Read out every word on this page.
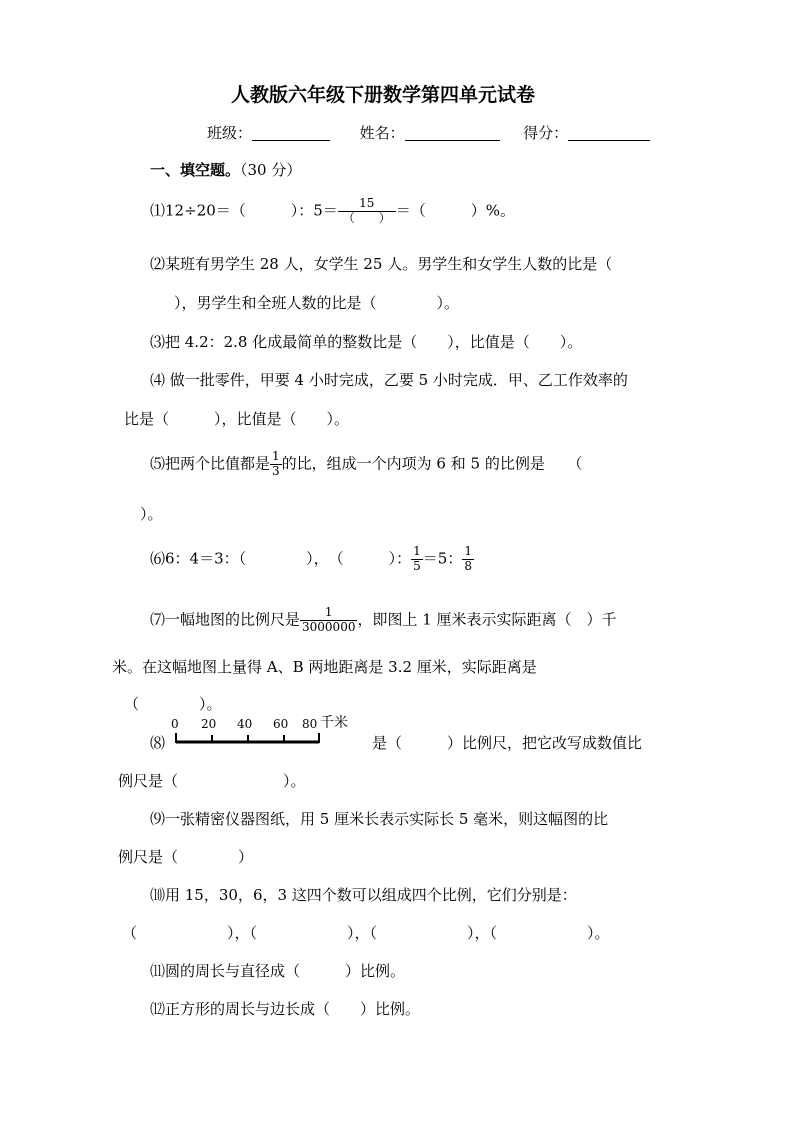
人教版六年级下册数学第四单元试卷
班级：	姓名：	得分：
一、填空题。（30 分）
⑴12÷20＝（　　　）：$5= \frac{15}{( )}$ ＝（　　　）%。
⑵某班有男学生 28 人，女学生 25 人。男学生和女学生人数的比是（
），男学生和全班人数的比是（　　　　）。
⑶把 4.2：2.8 化成最简单的整数比是（　　），比值是（　　）。
⑷ 做一批零件，甲要 4 小时完成，乙要 5 小时完成．甲、乙工作效率的
比是（　　　），比值是（　　）。
⑸把两个比值都是 $\frac{1}{3}$ 的比，组成一个内项为 6 和 5 的比例是　　（
）。
⑹6：4＝3：（　　　　），　（　　　）： $\frac{1}{5} =5$： $\frac{1}{8}$
⑺一幅地图的比例尺是 $\frac{1}{3000000}$ ，即图上 1 厘米表示实际距离（　）千
米。在这幅地图上量得 A、B 两地距离是 3.2 厘米，实际距离是
（　　　　）。
⑻
0 20 40 60 80 千米
是（　　　）比例尺，把它改写成数值比
例尺是（　　　　　　　）。
⑼一张精密仪器图纸，用 5 厘米长表示实际长 5 毫米，则这幅图的比
例尺是（　　　　）
⑽用 15，30，6，3 这四个数可以组成四个比例，它们分别是：
（　　　　　　），（　　　　　　），（　　　　　　），（　　　　　　）。
⑾圆的周长与直径成（　　　）比例。
⑿正方形的周长与边长成（　　）比例。
